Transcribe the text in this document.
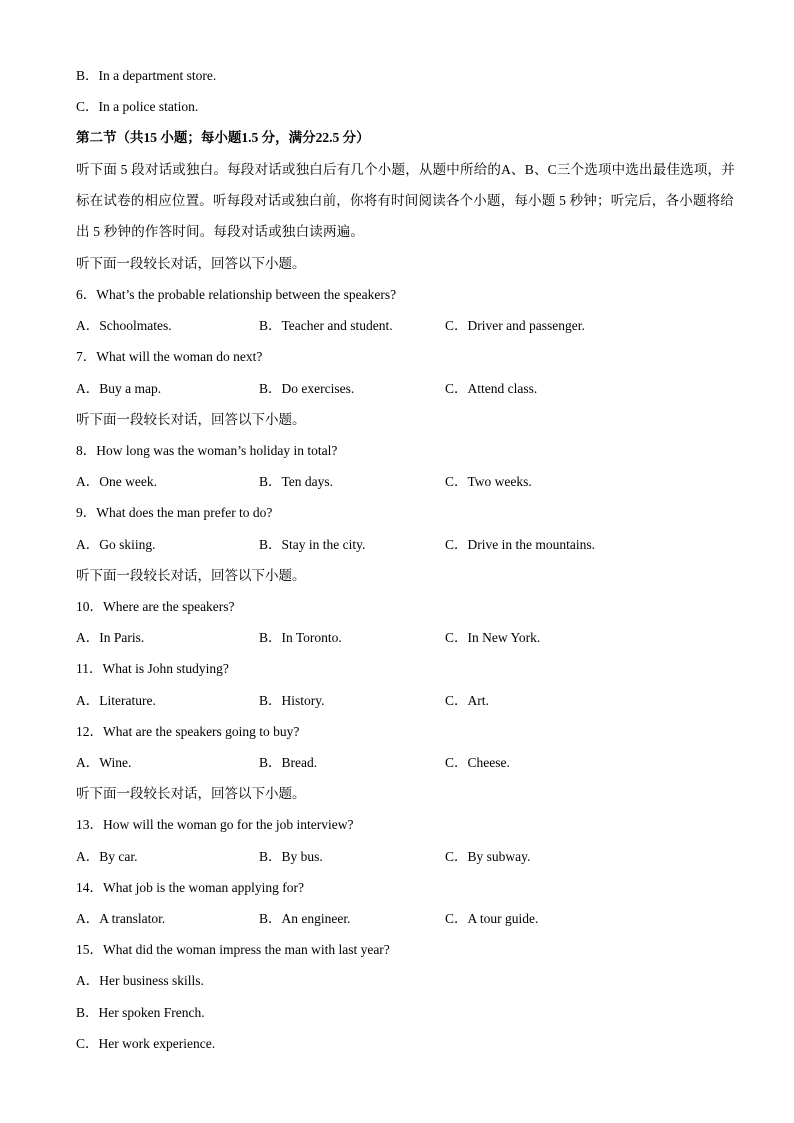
B．In a department store.
C．In a police station.
第二节（共15 小题；每小题1.5 分，满分22.5 分）
听下面 5 段对话或独白。每段对话或独白后有几个小题，从题中所给的A、B、C三个选项中选出最佳选项，并标在试卷的相应位置。听每段对话或独白前，你将有时间阅读各个小题，每小题 5 秒钟；听完后，各小题将给出 5 秒钟的作答时间。每段对话或独白读两遍。
听下面一段较长对话，回答以下小题。
6．What’s the probable relationship between the speakers?
A．Schoolmates.	B．Teacher and student.	C．Driver and passenger.
7．What will the woman do next?
A．Buy a map.	B．Do exercises.	C．Attend class.
听下面一段较长对话，回答以下小题。
8．How long was the woman’s holiday in total?
A．One week.	B．Ten days.	C．Two weeks.
9．What does the man prefer to do?
A．Go skiing.	B．Stay in the city.	C．Drive in the mountains.
听下面一段较长对话，回答以下小题。
10．Where are the speakers?
A．In Paris.	B．In Toronto.	C．In New York.
11．What is John studying?
A．Literature.	B．History.	C．Art.
12．What are the speakers going to buy?
A．Wine.	B．Bread.	C．Cheese.
听下面一段较长对话，回答以下小题。
13．How will the woman go for the job interview?
A．By car.	B．By bus.	C．By subway.
14．What job is the woman applying for?
A．A translator.	B．An engineer.	C．A tour guide.
15．What did the woman impress the man with last year?
A．Her business skills.
B．Her spoken French.
C．Her work experience.
